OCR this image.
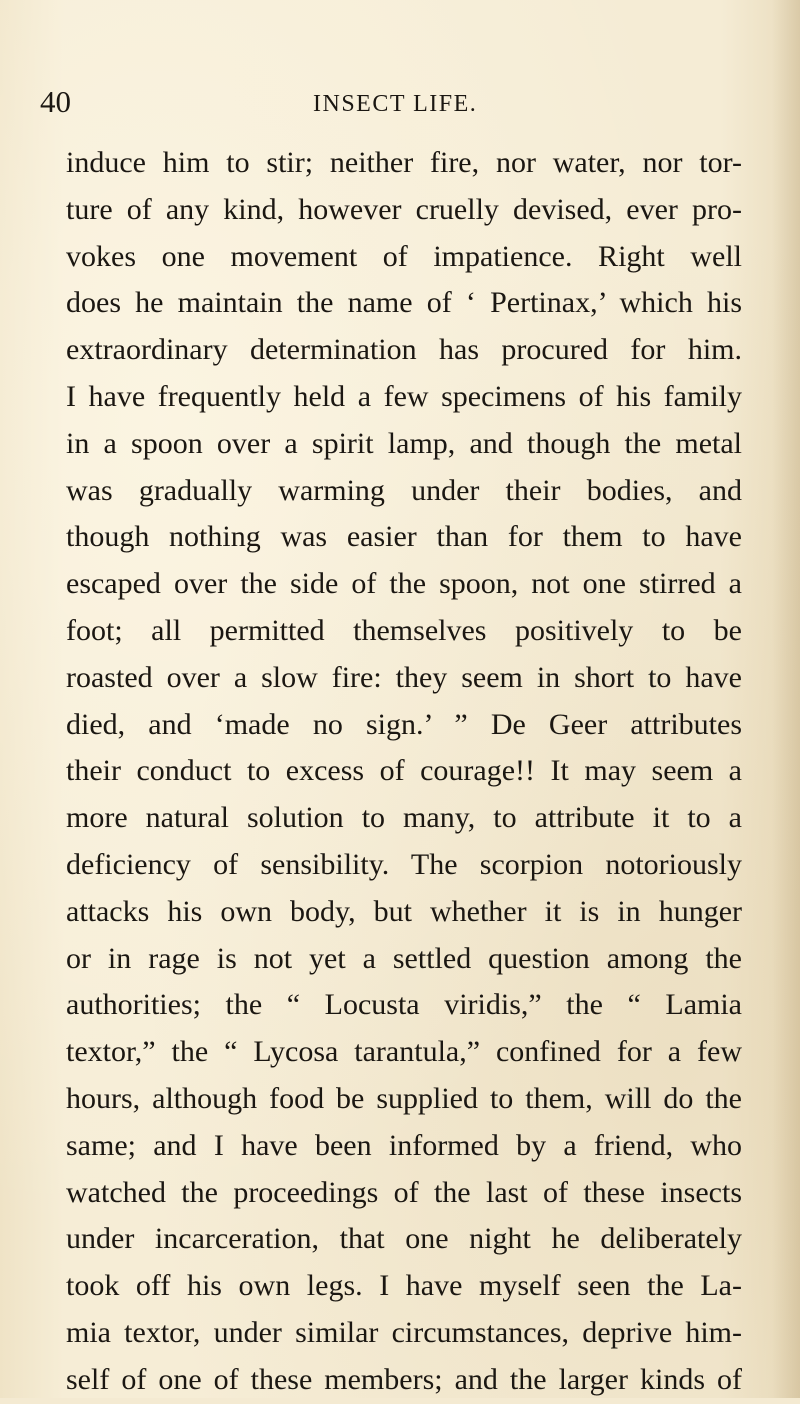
40	INSECT LIFE.
induce him to stir; neither fire, nor water, nor tor-
ture of any kind, however cruelly devised, ever pro-
vokes one movement of impatience. Right well
does he maintain the name of ‘ Pertinax,’ which his
extraordinary determination has procured for him.
I have frequently held a few specimens of his family
in a spoon over a spirit lamp, and though the metal
was gradually warming under their bodies, and
though nothing was easier than for them to have
escaped over the side of the spoon, not one stirred a
foot; all permitted themselves positively to be
roasted over a slow fire: they seem in short to have
died, and ‘made no sign.’ ” De Geer attributes
their conduct to excess of courage!! It may seem a
more natural solution to many, to attribute it to a
deficiency of sensibility. The scorpion notoriously
attacks his own body, but whether it is in hunger
or in rage is not yet a settled question among the
authorities; the “ Locusta viridis,” the “ Lamia
textor,” the “ Lycosa tarantula,” confined for a few
hours, although food be supplied to them, will do the
same; and I have been informed by a friend, who
watched the proceedings of the last of these insects
under incarceration, that one night he deliberately
took off his own legs. I have myself seen the La-
mia textor, under similar circumstances, deprive him-
self of one of these members; and the larger kinds of
